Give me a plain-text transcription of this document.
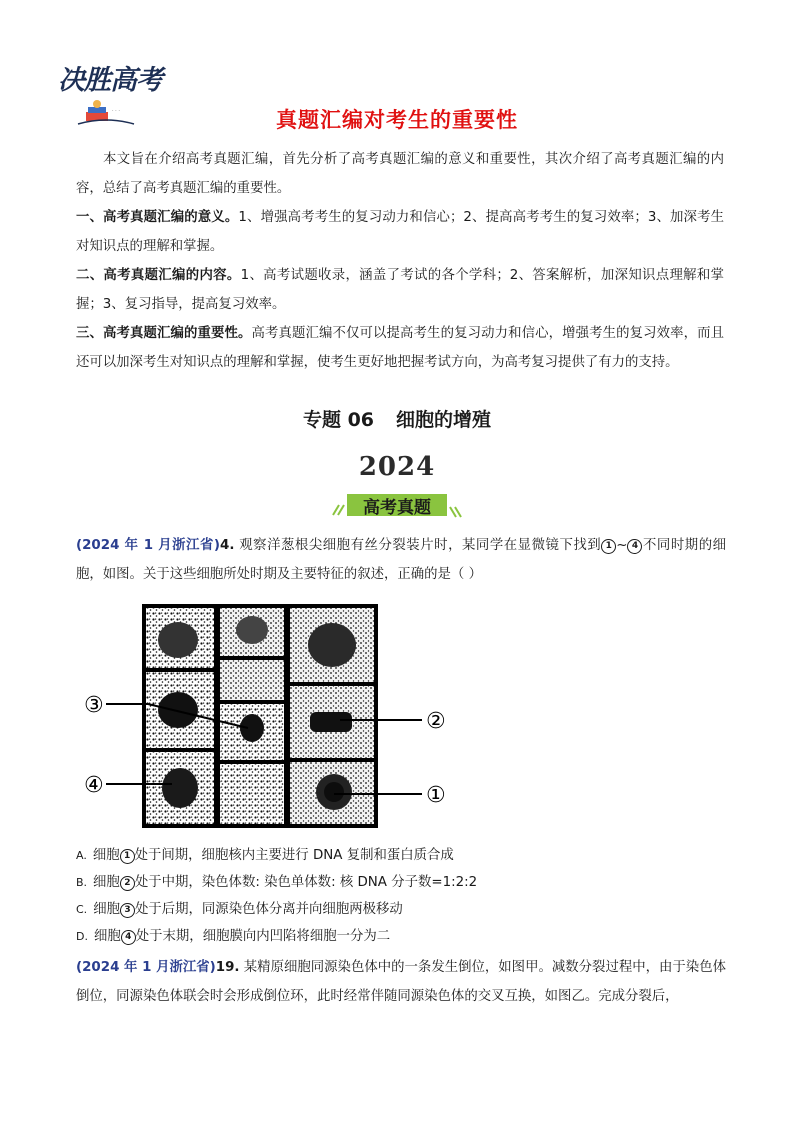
决胜高考
· · ·	真题汇编对考生的重要性
本文旨在介绍高考真题汇编，首先分析了高考真题汇编的意义和重要性，其次介绍了高考真题汇编的内容，总结了高考真题汇编的重要性。
一、高考真题汇编的意义。1、增强高考考生的复习动力和信心；2、提高高考考生的复习效率；3、加深考生对知识点的理解和掌握。
二、高考真题汇编的内容。1、高考试题收录，涵盖了考试的各个学科；2、答案解析，加深知识点理解和掌握；3、复习指导，提高复习效率。
三、高考真题汇编的重要性。高考真题汇编不仅可以提高考生的复习动力和信心，增强考生的复习效率，而且还可以加深考生对知识点的理解和掌握，使考生更好地把握考试方向，为高考复习提供了有力的支持。
专题 06 细胞的增殖
2024
高考真题
(2024 年 1 月浙江省)4. 观察洋葱根尖细胞有丝分裂装片时，某同学在显微镜下找到 1 ~ 4 不同时期的细胞，如图。关于这些细胞所处时期及主要特征的叙述，正确的是（ ）
③
②
④	①
A. 细胞 1 处于间期，细胞核内主要进行 DNA 复制和蛋白质合成
B. 细胞 2 处于中期，染色体数: 染色单体数: 核 DNA 分子数=1:2:2
C. 细胞 3 处于后期，同源染色体分离并向细胞两极移动
D. 细胞 4 处于末期，细胞膜向内凹陷将细胞一分为二
(2024 年 1 月浙江省)19. 某精原细胞同源染色体中的一条发生倒位，如图甲。减数分裂过程中，由于染色体倒位，同源染色体联会时会形成倒位环，此时经常伴随同源染色体的交叉互换，如图乙。完成分裂后，
